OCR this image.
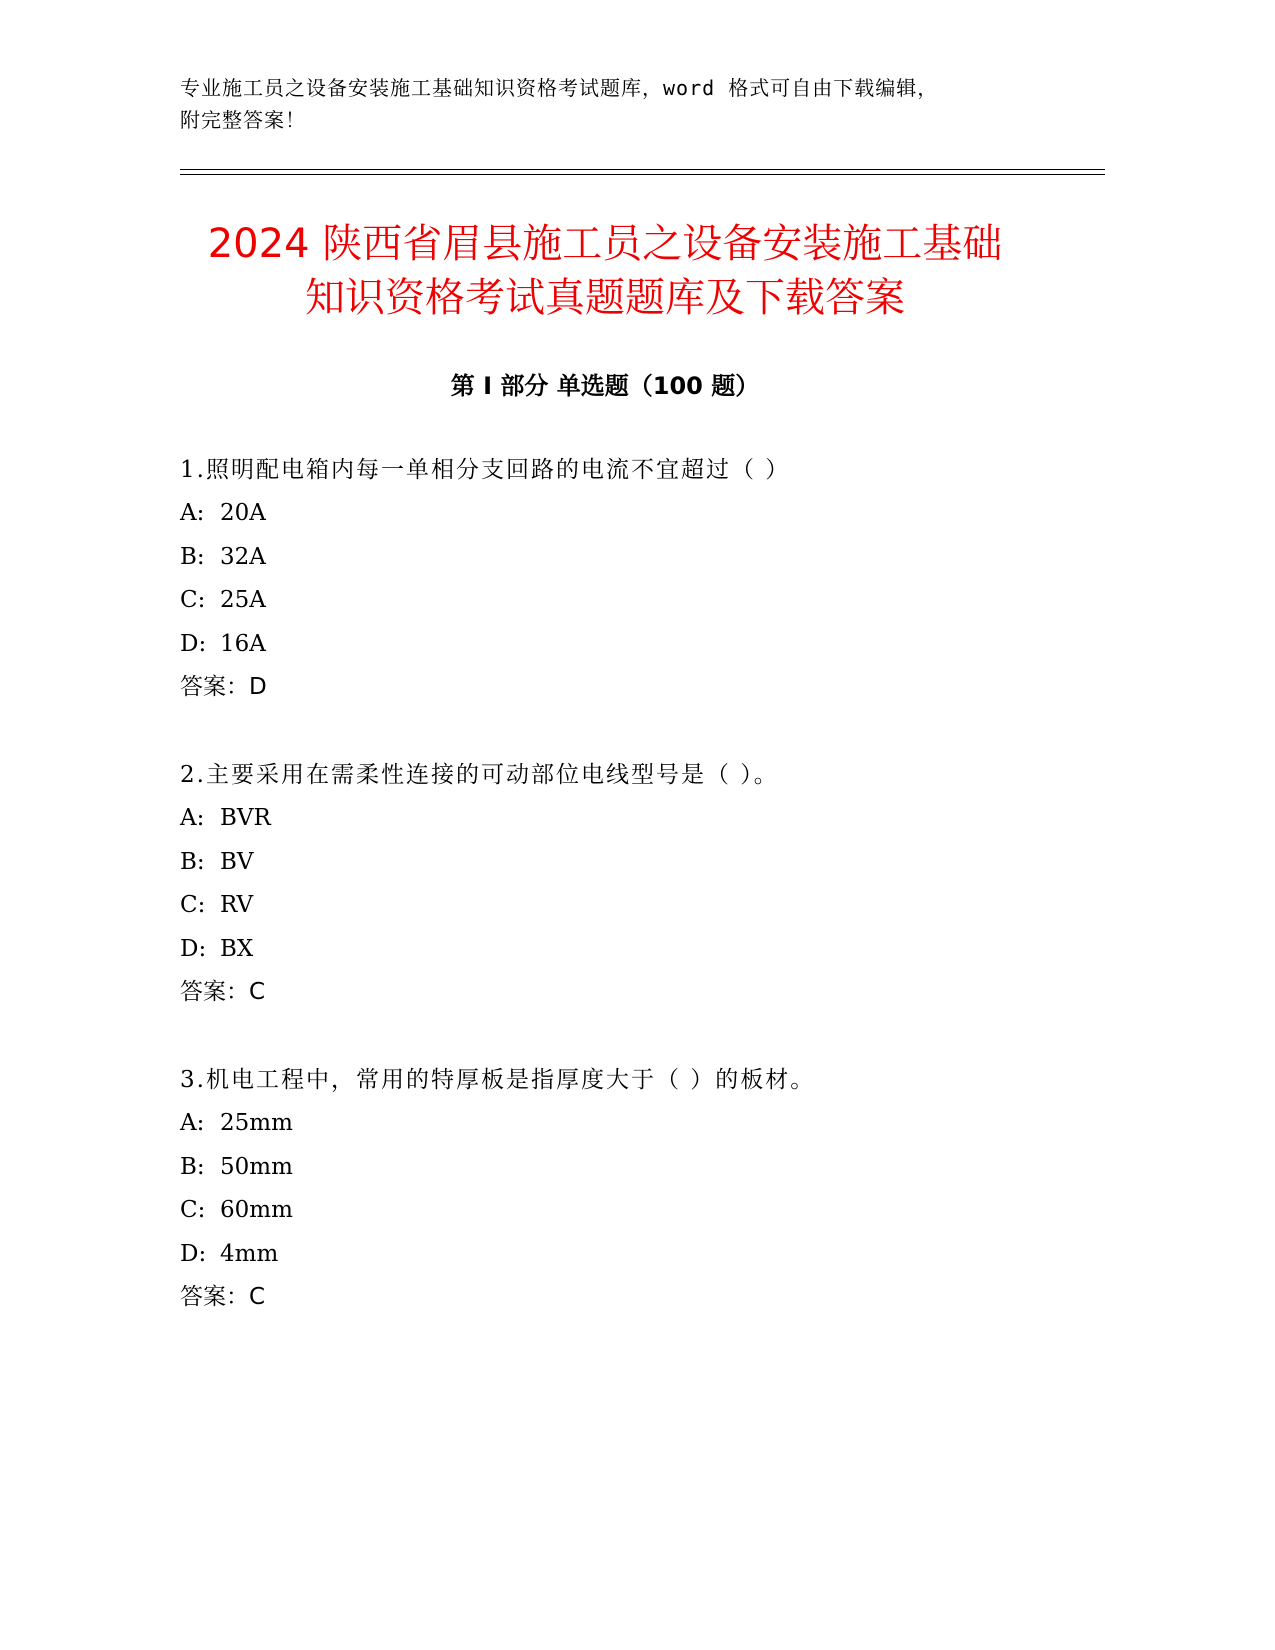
专业施工员之设备安装施工基础知识资格考试题库，word 格式可自由下载编辑，
附完整答案！
2024 陕西省眉县施工员之设备安装施工基础
知识资格考试真题题库及下载答案
第 I 部分 单选题（100 题）

1.照明配电箱内每一单相分支回路的电流不宜超过（ ）

A: 20A
B: 32A
C: 25A
D: 16A

答案：D

2.主要采用在需柔性连接的可动部位电线型号是（ ）。

A: BVR
B: BV
C: RV
D: BX

答案：C

3.机电工程中，常用的特厚板是指厚度大于（ ）的板材。

A: 25mm
B: 50mm
C: 60mm
D: 4mm

答案：C
